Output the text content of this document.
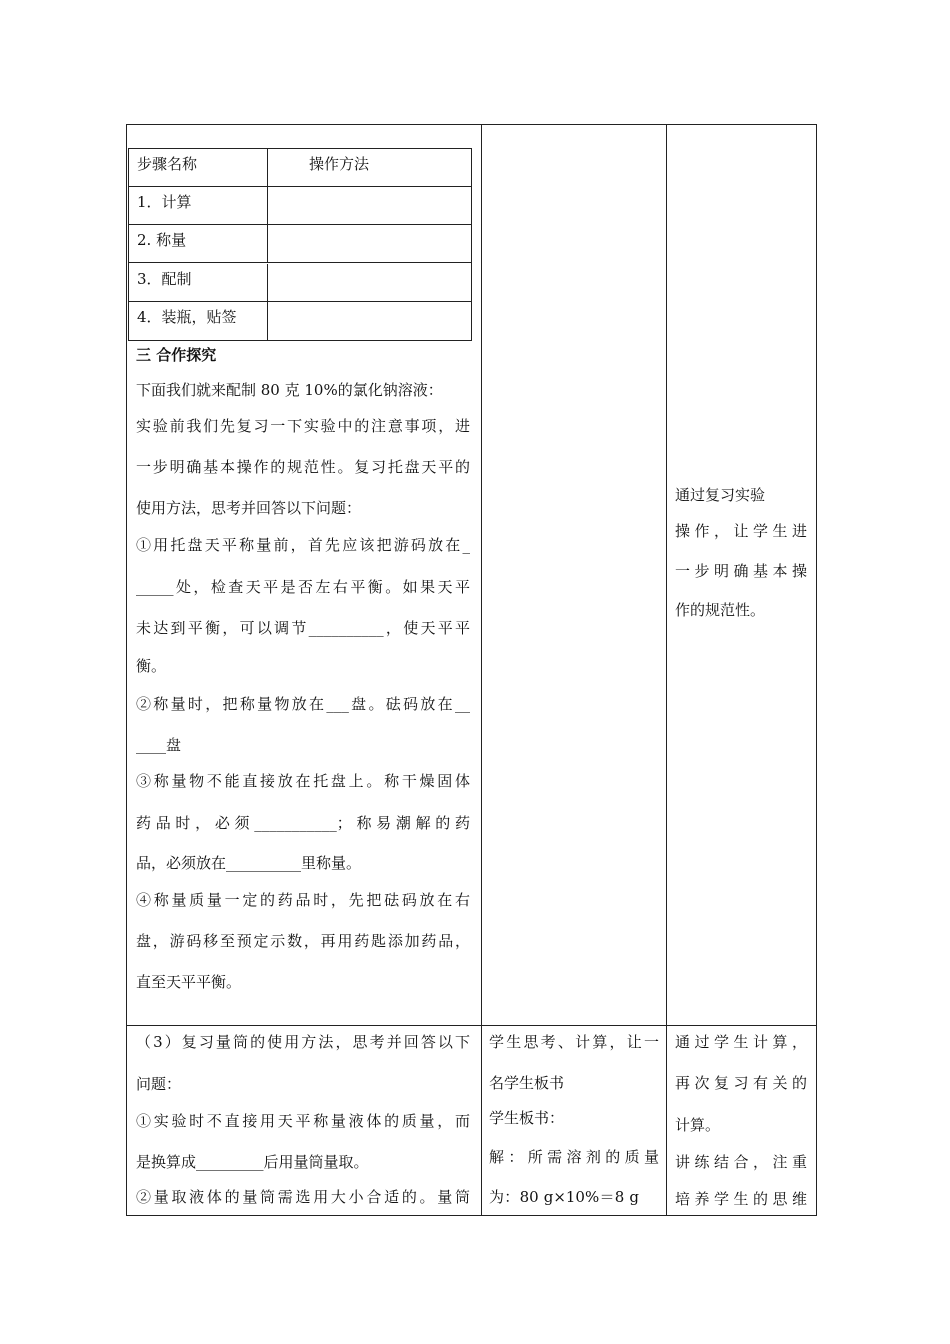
步骤名称	操作方法
1．计算
2. 称量
3．配制
4．装瓶，贴签
三 合作探究
下面我们就来配制 80 克 10%的氯化钠溶液：
实验前我们先复习一下实验中的注意事项，进
一步明确基本操作的规范性。复习托盘天平的
使用方法，思考并回答以下问题：
①用托盘天平称量前，首先应该把游码放在_
_____处，检查天平是否左右平衡。如果天平
未达到平衡，可以调节__________，使天平平
衡。
②称量时，把称量物放在___盘。砝码放在__
____盘
③称量物不能直接放在托盘上。称干燥固体
药品时，必须___________；称易潮解的药
品，必须放在__________里称量。
④称量质量一定的药品时，先把砝码放在右
盘，游码移至预定示数，再用药匙添加药品，
直至天平平衡。
通过复习实验
操作，让学生进
一步明确基本操
作的规范性。
（3）复习量筒的使用方法，思考并回答以下
问题：
①实验时不直接用天平称量液体的质量，而
是换算成_________后用量筒量取。
②量取液体的量筒需选用大小合适的。量筒
学生思考、计算，让一
名学生板书
学生板书：
解：所需溶剂的质量
为：80 g×10%＝8 g
通过学生计算，
再次复习有关的
计算。
讲练结合，注重
培养学生的思维
